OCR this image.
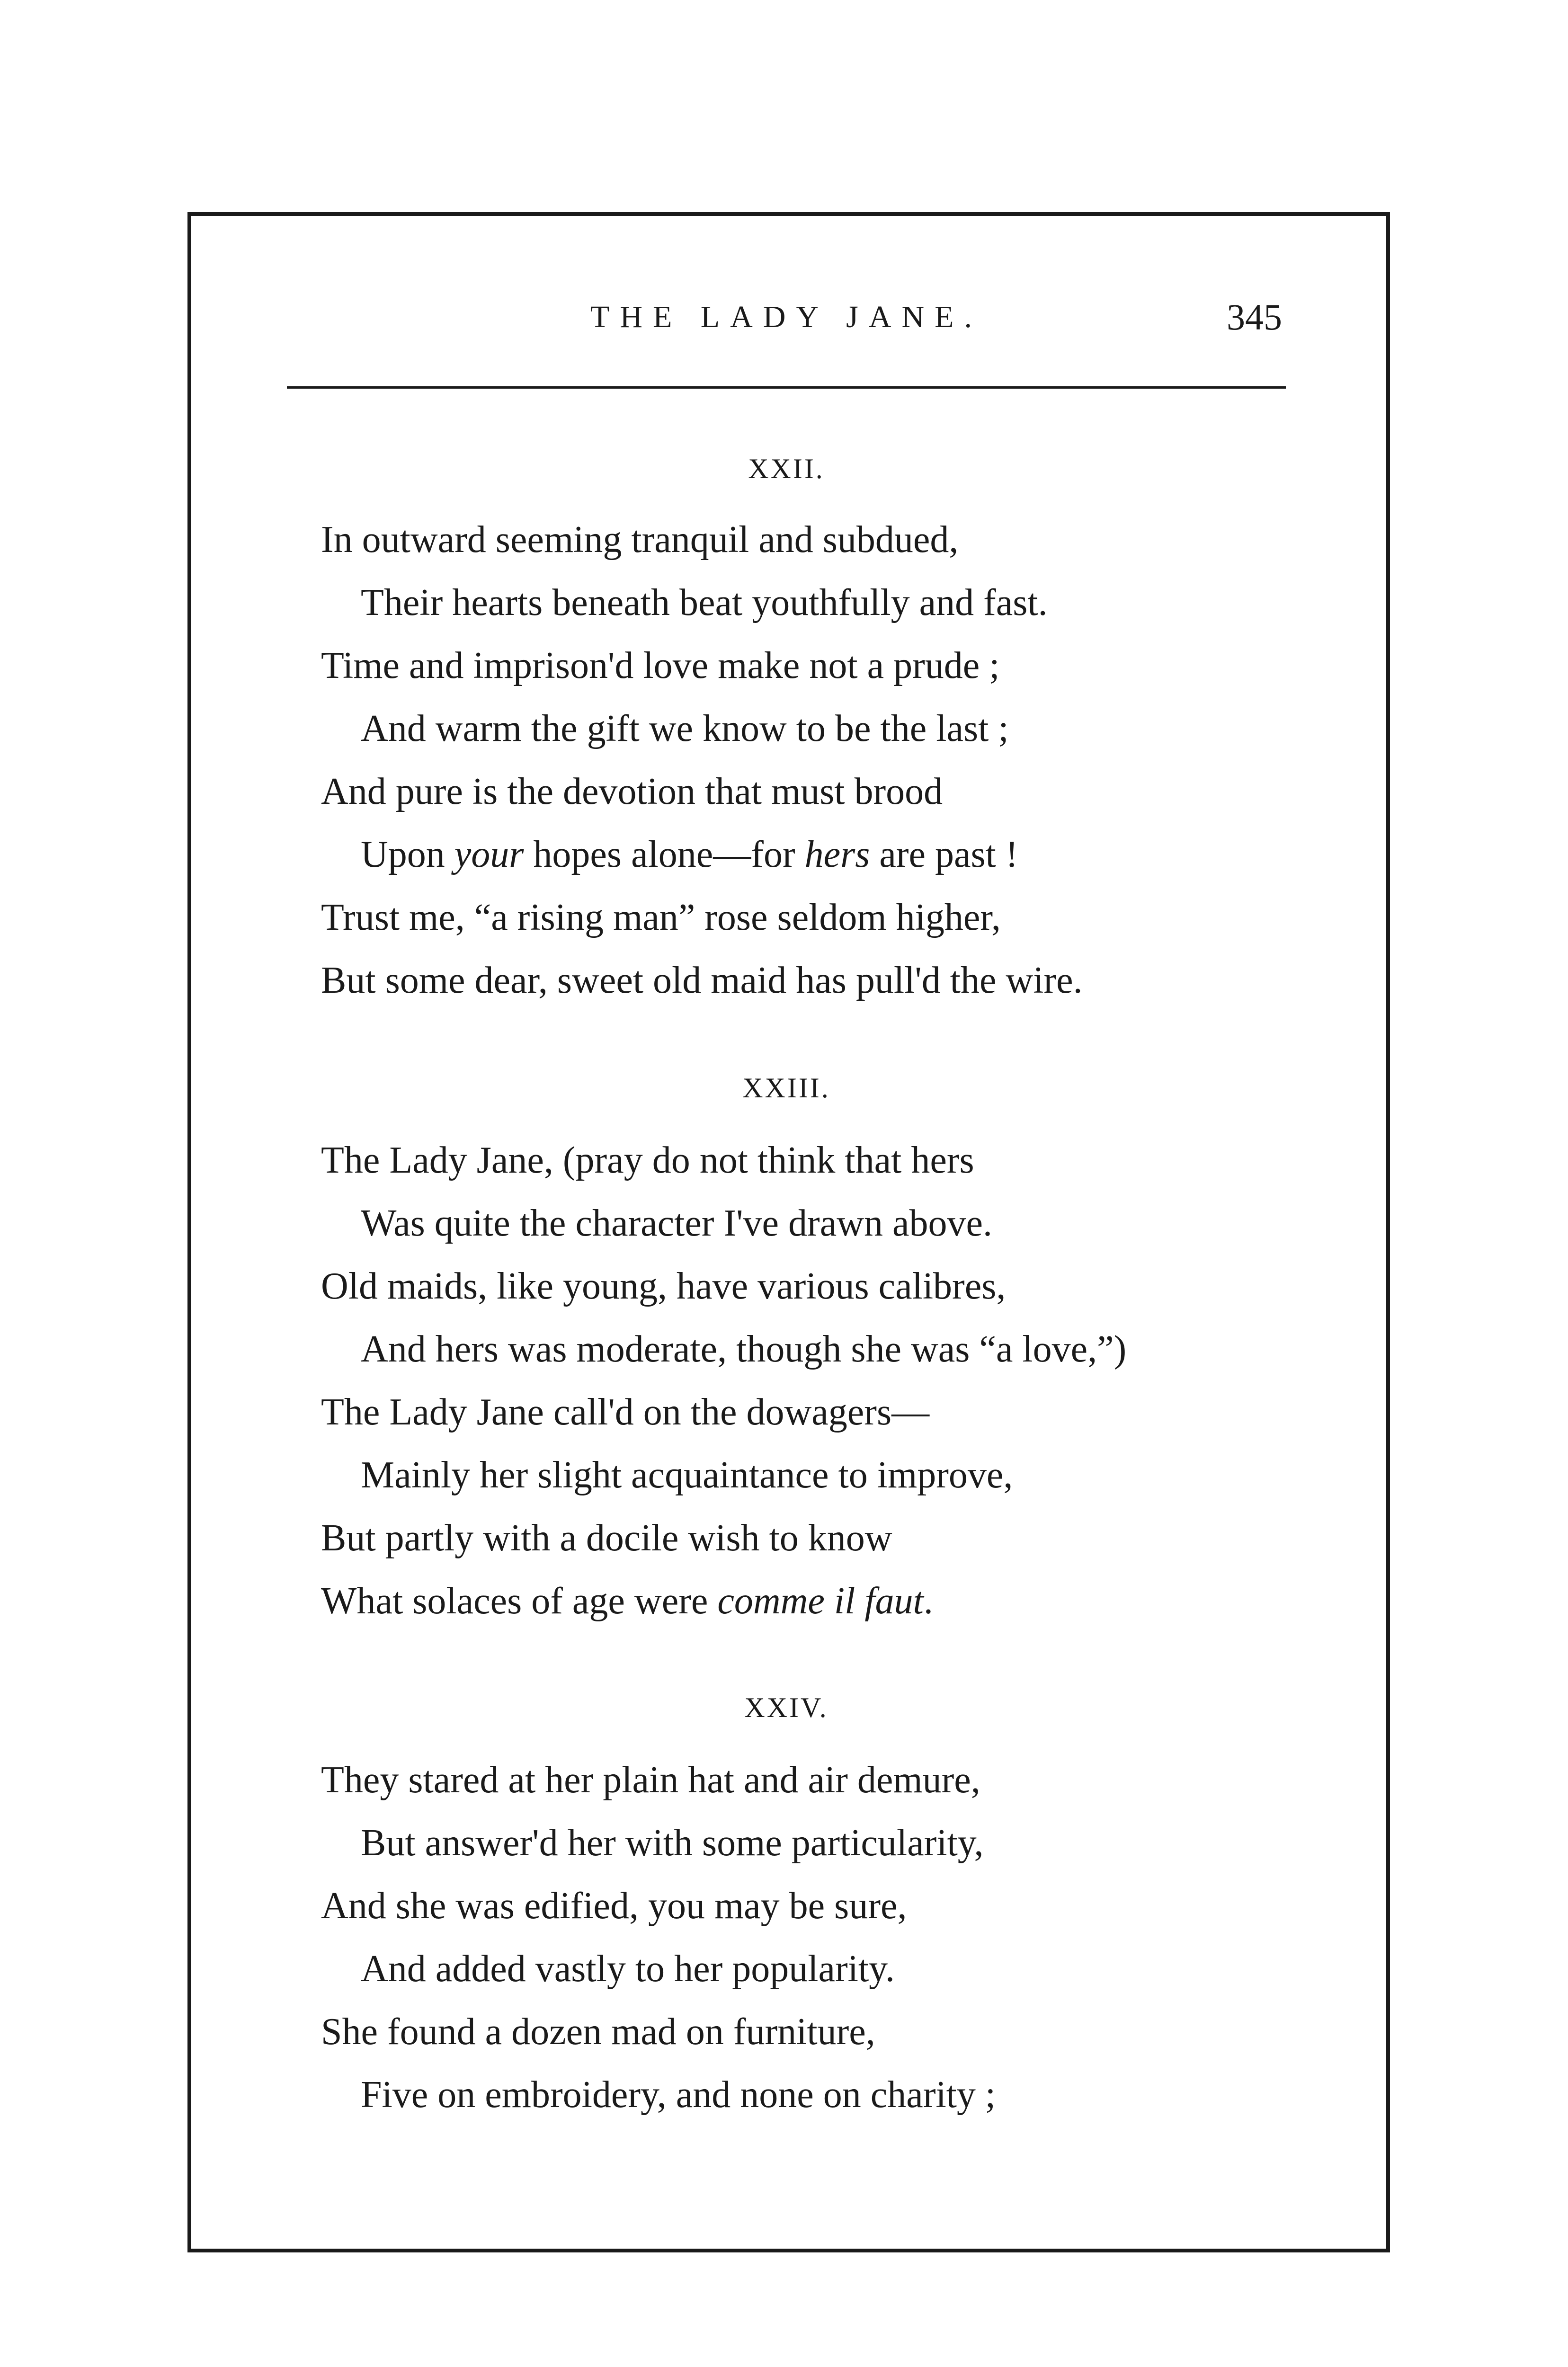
THE LADY JANE.	345
XXII.
In outward seeming tranquil and subdued,
Their hearts beneath beat youthfully and fast.
Time and imprison'd love make not a prude ;
And warm the gift we know to be the last ;
And pure is the devotion that must brood
Upon your hopes alone—for hers are past !
Trust me, “a rising man” rose seldom higher,
But some dear, sweet old maid has pull'd the wire.
XXIII.
The Lady Jane, (pray do not think that hers
Was quite the character I've drawn above.
Old maids, like young, have various calibres,
And hers was moderate, though she was “a love,”)
The Lady Jane call'd on the dowagers—
Mainly her slight acquaintance to improve,
But partly with a docile wish to know
What solaces of age were comme il faut.
XXIV.
They stared at her plain hat and air demure,
But answer'd her with some particularity,
And she was edified, you may be sure,
And added vastly to her popularity.
She found a dozen mad on furniture,
Five on embroidery, and none on charity ;
